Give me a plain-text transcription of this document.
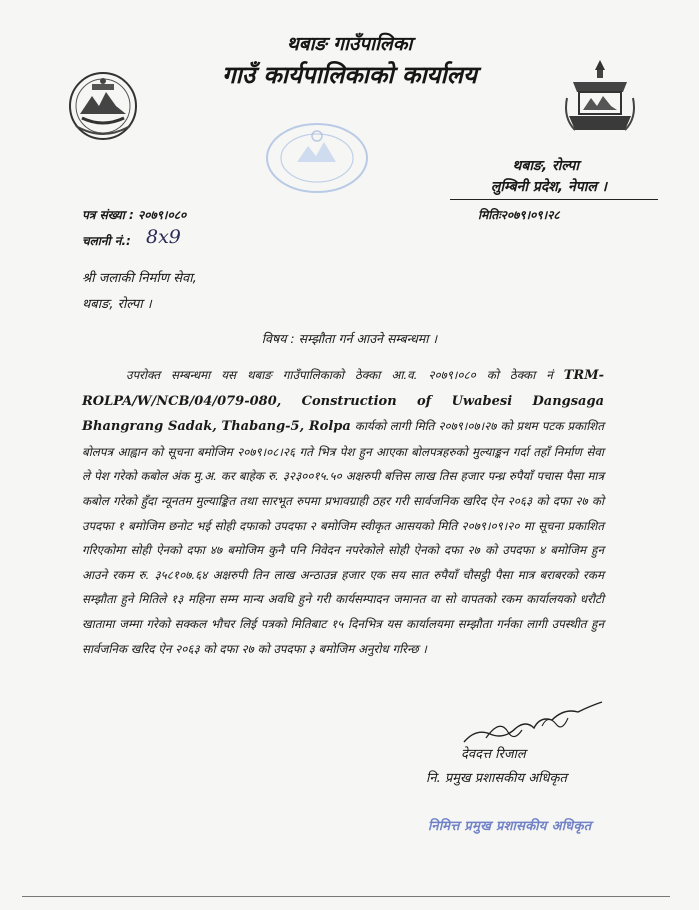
थबाङ गाउँपालिका
गाउँ कार्यपालिकाको कार्यालय
थबाङ, रोल्पा
लुम्बिनी प्रदेश, नेपाल ।
पत्र संख्या : २०७९।०८०	मितिः२०७९।०९।२८
चलानी नं.: 8x9
श्री जलाकी निर्माण सेवा,
थबाङ, रोल्पा ।
विषय : सम्झौता गर्न आउने सम्बन्धमा ।
उपरोक्त सम्बन्धमा यस थबाङ गाउँपालिकाको ठेक्का आ.व. २०७९।०८० को ठेक्का नं TRM-ROLPA/W/NCB/04/079-080, Construction of Uwabesi Dangsaga Bhangrang Sadak, Thabang-5, Rolpa कार्यको लागी मिति २०७९।०७।२७ को प्रथम पटक प्रकाशित बोलपत्र आह्वान को सूचना बमोजिम २०७९।०८।२६ गते भित्र पेश हुन आएका बोलपत्रहरुको मुल्याङ्कन गर्दा तहाँ निर्माण सेवा ले पेश गरेको कबोल अंक मु.अ. कर बाहेक रु. ३२३००१५.५० अक्षरुपी बत्तिस लाख तिस हजार पन्ध्र रुपैयाँ पचास पैसा मात्र कबोल गरेको हुँदा न्यूनतम मुल्याङ्कित तथा सारभूत रुपमा प्रभावग्राही ठहर गरी सार्वजनिक खरिद ऐन २०६३ को दफा २७ को उपदफा १ बमोजिम छनोट भई सोही दफाको उपदफा २ बमोजिम स्वीकृत आसयको मिति २०७९।०९।२० मा सूचना प्रकाशित गरिएकोमा सोही ऐनको दफा ४७ बमोजिम कुनै पनि निवेदन नपरेकोले सोही ऐनको दफा २७ को उपदफा ४ बमोजिम हुन आउने रकम रु. ३५८१०७.६४ अक्षरुपी तिन लाख अन्ठाउन्न हजार एक सय सात रुपैयाँ चौसट्ठी पैसा मात्र बराबरको रकम सम्झौता हुने मितिले १३ महिना सम्म मान्य अवधि हुने गरी कार्यसम्पादन जमानत वा सो वापतको रकम कार्यालयको धरौटी खातामा जम्मा गरेको सक्कल भौचर लिई पत्रको मितिबाट १५ दिनभित्र यस कार्यालयमा सम्झौता गर्नका लागी उपस्थीत हुन सार्वजनिक खरिद ऐन २०६३ को दफा २७ को उपदफा ३ बमोजिम अनुरोध गरिन्छ ।
देवदत्त रिजाल
नि. प्रमुख प्रशासकीय अधिकृत
निमित्त प्रमुख प्रशासकीय अधिकृत
